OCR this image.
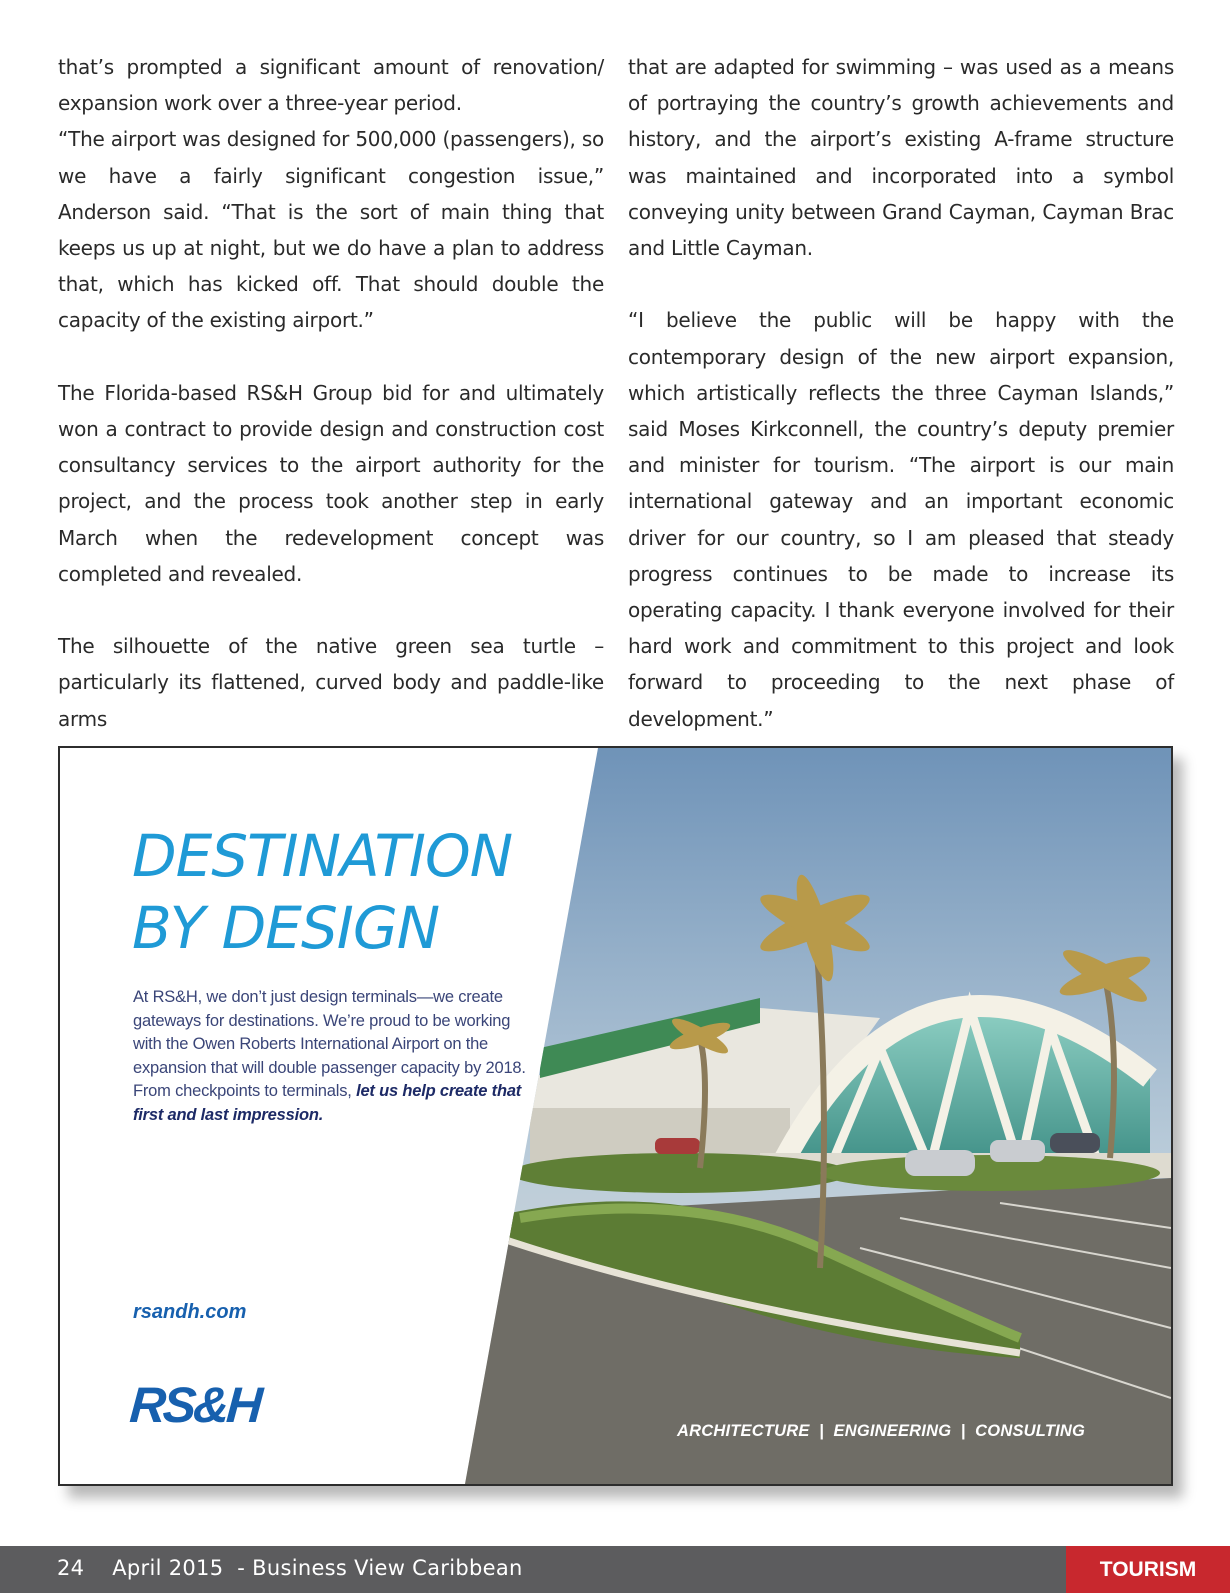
that’s prompted a significant amount of renovation/ expansion work over a three-year period.

“The airport was designed for 500,000 (passengers), so we have a fairly significant congestion issue,” Anderson said. “That is the sort of main thing that keeps us up at night, but we do have a plan to address that, which has kicked off. That should double the capacity of the existing airport.”

The Florida-based RS&H Group bid for and ultimately won a contract to provide design and construction cost consultancy services to the airport authority for the project, and the process took another step in early March when the redevelopment concept was completed and revealed.

The silhouette of the native green sea turtle – particularly its flattened, curved body and paddle-like arms

that are adapted for swimming – was used as a means of portraying the country’s growth achievements and history, and the airport’s existing A-frame structure was maintained and incorporated into a symbol conveying unity between Grand Cayman, Cayman Brac and Little Cayman.

“I believe the public will be happy with the contemporary design of the new airport expansion, which artistically reflects the three Cayman Islands,” said Moses Kirkconnell, the country’s deputy premier and minister for tourism. “The airport is our main international gateway and an important economic driver for our country, so I am pleased that steady progress continues to be made to increase its operating capacity. I thank everyone involved for their hard work and commitment to this project and look forward to proceeding to the next phase of development.”

DESTINATION
BY DESIGN

At RS&H, we don’t just design terminals—we create gateways for destinations. We’re proud to be working with the Owen Roberts International Airport on the expansion that will double passenger capacity by 2018. From checkpoints to terminals, let us help create that first and last impression.

rsandh.com
RS&H	ARCHITECTURE  |  ENGINEERING  |  CONSULTING
24 April 2015  - Business View Caribbean	TOURISM
